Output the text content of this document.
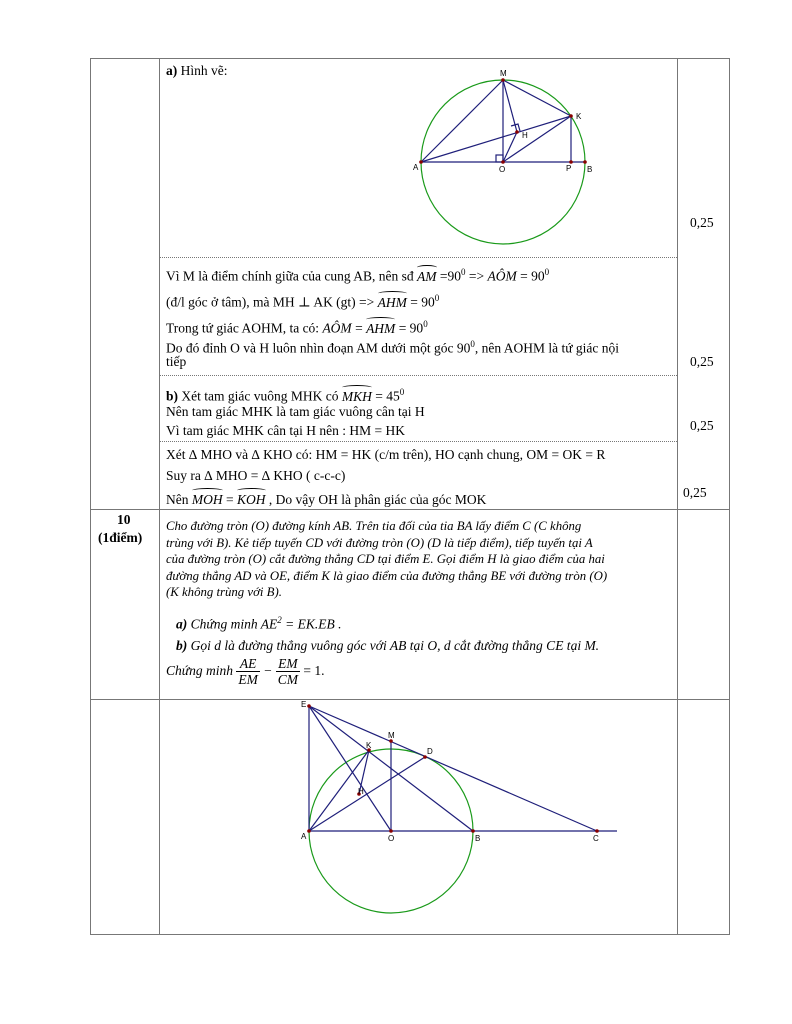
a) Hình vẽ:	M
K
H
A	O	P B
0,25
Vì M là điểm chính giữa của cung AB, nên sđ AM $=90^0$ => AÔM = $90^0$
(đ/l góc ở tâm), mà MH ⊥ AK (gt) => AHM = $90^0$
Trong tứ giác AOHM, ta có: AÔM = AHM = $90^0$
Do đó đỉnh O và H luôn nhìn đoạn AM dưới một góc $90^0$, nên AOHM là tứ giác nội
tiếp	0,25
b) Xét tam giác vuông MHK có MKH = $45^0$
Nên tam giác MHK là tam giác vuông cân tại H
Vì tam giác MHK cân tại H nên : HM = HK	0,25
Xét ∆ MHO và ∆ KHO có: HM = HK (c/m trên), HO cạnh chung, OM = OK = R
Suy ra ∆ MHO = ∆ KHO ( c-c-c)
Nên MOH = KOH , Do vậy OH là phân giác của góc MOK	0,25
10
(1điểm)
Cho đường tròn (O) đường kính AB. Trên tia đối của tia BA lấy điểm C (C không
trùng với B). Kẻ tiếp tuyến CD với đường tròn (O) (D là tiếp điểm), tiếp tuyến tại A
của đường tròn (O) cắt đường thẳng CD tại điểm E. Gọi điểm H là giao điểm của hai
đường thẳng AD và OE, điểm K là giao điểm của đường thẳng BE với đường tròn (O)
(K không trùng với B).
a) Chứng minh $AE^2 = EK.EB$ .
b) Gọi d là đường thẳng vuông góc với AB tại O, d cắt đường thẳng CE tại M.
Chứng minh $\frac{AE}{EM} - \frac{EM}{CM} = 1$.
E
M
K
D
H
A	O	B	C
